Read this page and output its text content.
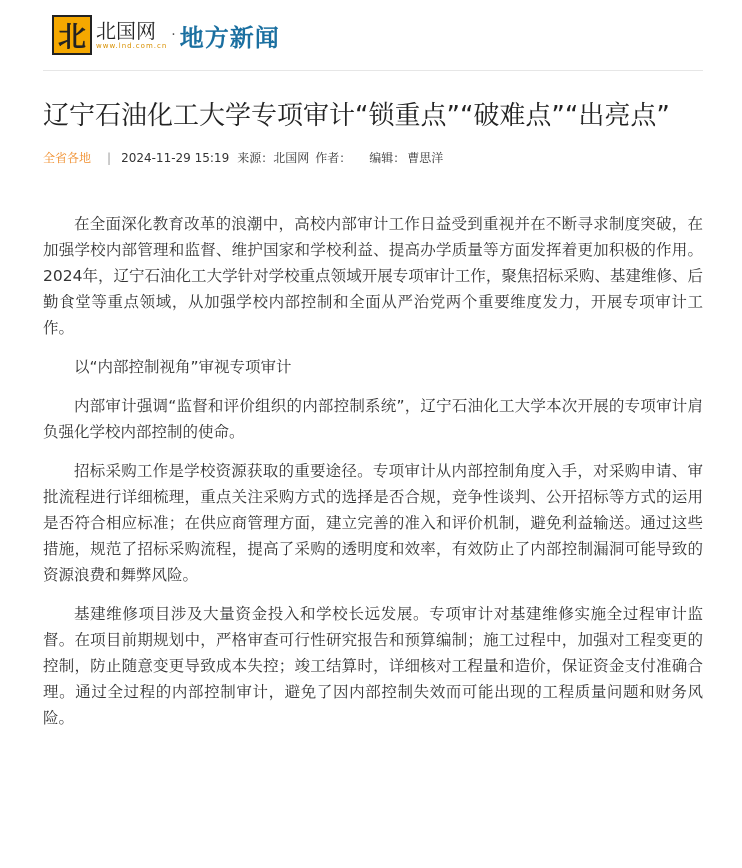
北 北国网
www.lnd.com.cn
· 地方新闻
辽宁石油化工大学专项审计“锁重点”“破难点”“出亮点”
全省各地 | 2024-11-29 15:19 来源： 北国网 作者： 编辑： 曹思洋

在全面深化教育改革的浪潮中，高校内部审计工作日益受到重视并在不断寻求制度突破，在加强学校内部管理和监督、维护国家和学校利益、提高办学质量等方面发挥着更加积极的作用。2024年，辽宁石油化工大学针对学校重点领域开展专项审计工作，聚焦招标采购、基建维修、后勤食堂等重点领域，从加强学校内部控制和全面从严治党两个重要维度发力，开展专项审计工作。

以“内部控制视角”审视专项审计

内部审计强调“监督和评价组织的内部控制系统”，辽宁石油化工大学本次开展的专项审计肩负强化学校内部控制的使命。

招标采购工作是学校资源获取的重要途径。专项审计从内部控制角度入手，对采购申请、审批流程进行详细梳理，重点关注采购方式的选择是否合规，竞争性谈判、公开招标等方式的运用是否符合相应标准；在供应商管理方面，建立完善的准入和评价机制，避免利益输送。通过这些措施，规范了招标采购流程，提高了采购的透明度和效率，有效防止了内部控制漏洞可能导致的资源浪费和舞弊风险。

基建维修项目涉及大量资金投入和学校长远发展。专项审计对基建维修实施全过程审计监督。在项目前期规划中，严格审查可行性研究报告和预算编制；施工过程中，加强对工程变更的控制，防止随意变更导致成本失控；竣工结算时，详细核对工程量和造价，保证资金支付准确合理。通过全过程的内部控制审计，避免了因内部控制失效而可能出现的工程质量问题和财务风险。
